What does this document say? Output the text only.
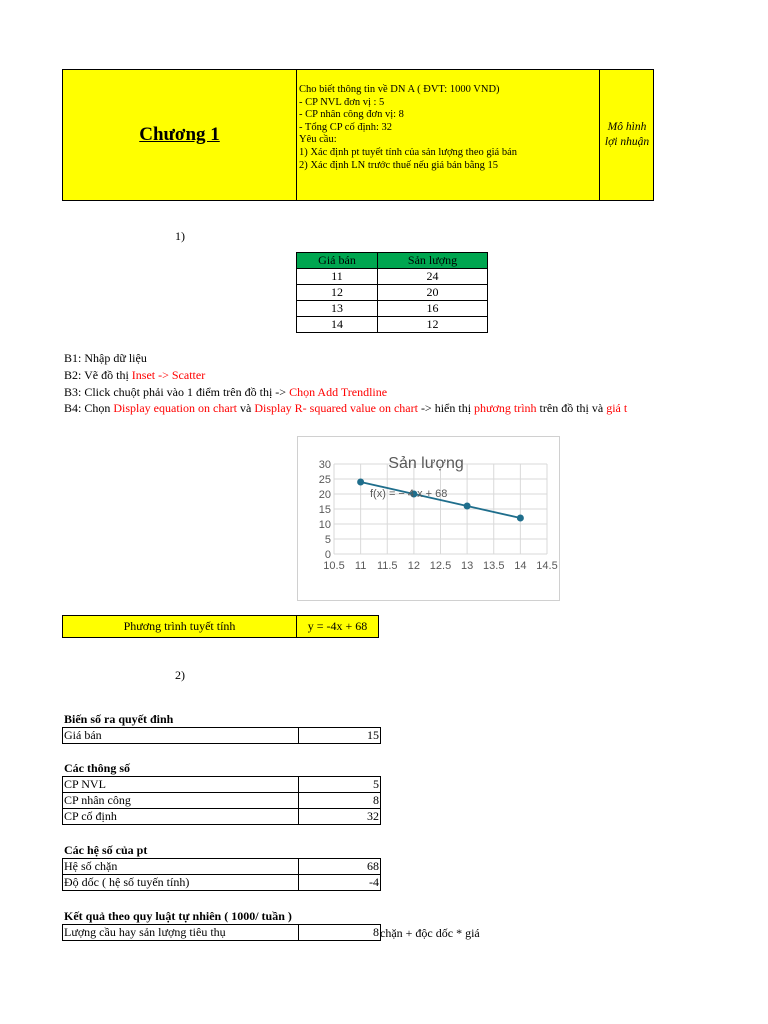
Chương 1
Cho biết thông tin về DN A ( ĐVT: 1000 VND)
- CP NVL đơn vị : 5
- CP nhân công đơn vị: 8
- Tổng CP cố định: 32
Yêu cầu:
1) Xác định pt tuyết tính của sản lượng theo giá bán
2) Xác định LN trước thuế nếu giá bán bằng 15
Mô hình
lợi nhuận
1)
Giá bán	Sản lượng
11	24
12	20
13	16
14	12
B1: Nhập dữ liệu
B2: Vẽ đồ thị Inset -> Scatter
B3: Click chuột phải vào 1 điểm trên đồ thị -> Chọn Add Trendline
B4: Chọn Display equation on chart và Display R- squared value on chart -> hiển thị phương trình trên đồ thị và giá t
10.5 11 11.5 12 12.5 13 13.5 14 14.5
0
5
10
15
20
25
30	Sản lượng
f(x) = − 4 x + 68
Phương trình tuyết tính	y = -4x + 68
2)
Biến số ra quyết đinh
Giá bán	15
Các thông số
CP NVL	5
CP nhân công	8
CP cố định	32
Các hệ số của pt
Hệ số chặn	68
Độ dốc ( hệ số tuyến tính)	-4
Kết quả theo quy luật tự nhiên ( 1000/ tuần )
Lượng cầu hay sản lượng tiêu thụ	8 chặn + độc dốc * giá
